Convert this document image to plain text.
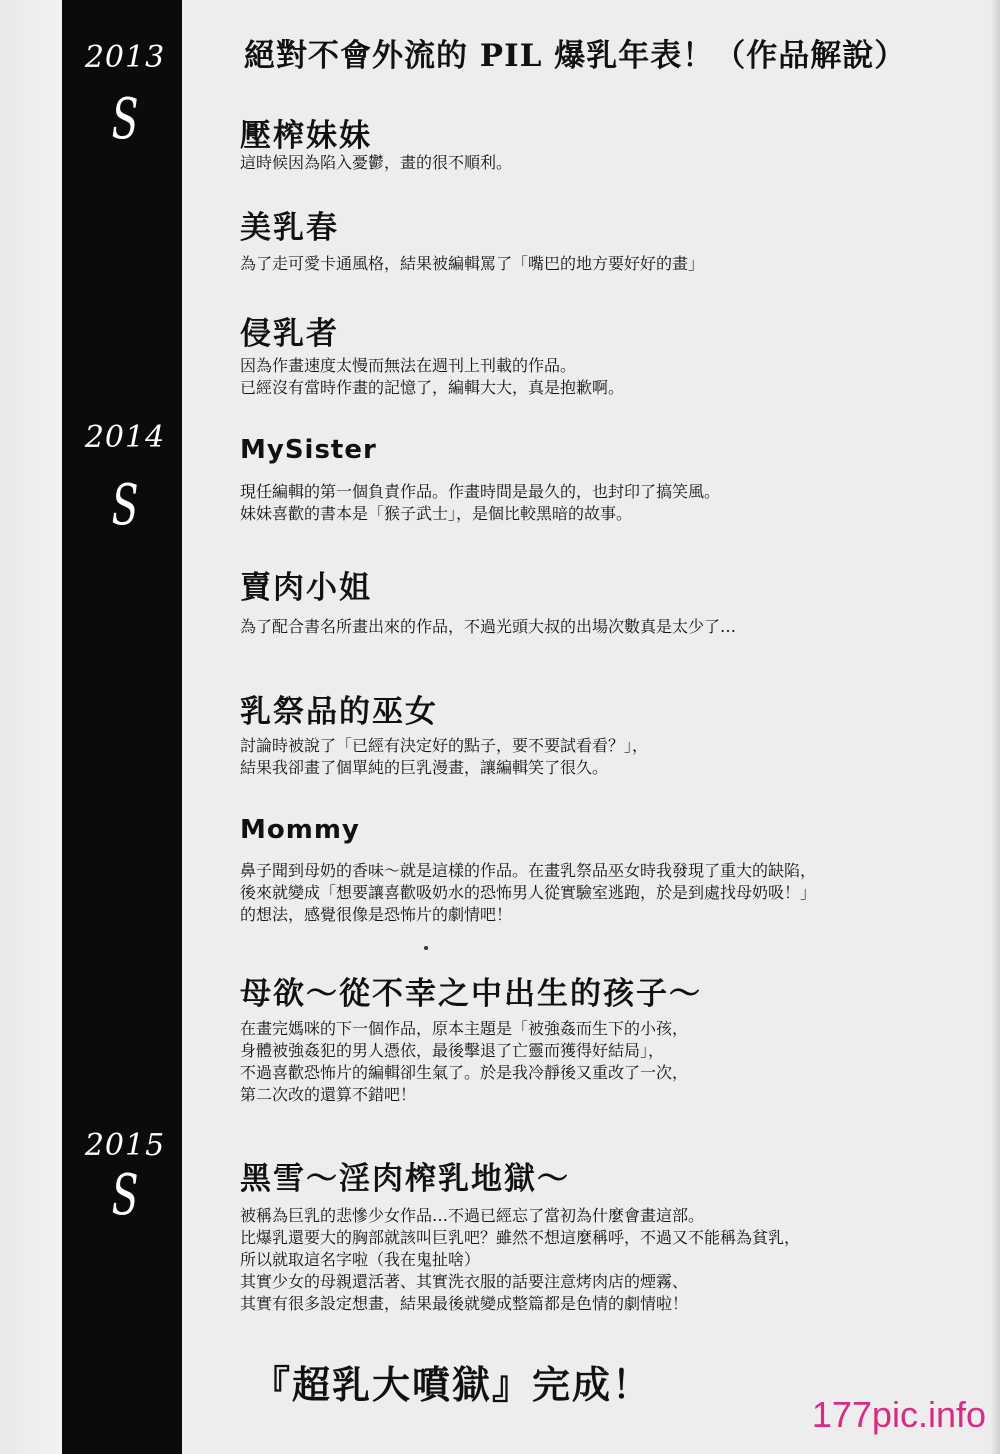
2013
S
2014
S
2015
S
絕對不會外流的 PIL 爆乳年表！（作品解說）
壓榨妹妹
這時候因為陷入憂鬱，畫的很不順利。
美乳春
為了走可愛卡通風格，結果被編輯罵了「嘴巴的地方要好好的畫」
侵乳者
因為作畫速度太慢而無法在週刊上刊載的作品。
已經沒有當時作畫的記憶了，編輯大大，真是抱歉啊。
MySister
現任編輯的第一個負責作品。作畫時間是最久的，也封印了搞笑風。
妹妹喜歡的書本是「猴子武士」，是個比較黑暗的故事。
賣肉小姐
為了配合書名所畫出來的作品，不過光頭大叔的出場次數真是太少了…
乳祭品的巫女
討論時被說了「已經有決定好的點子，要不要試看看？」，
結果我卻畫了個單純的巨乳漫畫，讓編輯笑了很久。
Mommy
鼻子聞到母奶的香味～就是這樣的作品。在畫乳祭品巫女時我發現了重大的缺陷，
後來就變成「想要讓喜歡吸奶水的恐怖男人從實驗室逃跑，於是到處找母奶吸！」
的想法，感覺很像是恐怖片的劇情吧！
母欲～從不幸之中出生的孩子～
在畫完媽咪的下一個作品，原本主題是「被強姦而生下的小孩，
身體被強姦犯的男人憑依，最後擊退了亡靈而獲得好結局」，
不過喜歡恐怖片的編輯卻生氣了。於是我冷靜後又重改了一次，
第二次改的還算不錯吧！
黑雪～淫肉榨乳地獄～
被稱為巨乳的悲慘少女作品…不過已經忘了當初為什麼會畫這部。
比爆乳還要大的胸部就該叫巨乳吧？雖然不想這麼稱呼，不過又不能稱為貧乳，
所以就取這名字啦（我在鬼扯啥）
其實少女的母親還活著、其實洗衣服的話要注意烤肉店的煙霧、
其實有很多設定想畫，結果最後就變成整篇都是色情的劇情啦！
『超乳大噴獄』完成！
177pic.info
